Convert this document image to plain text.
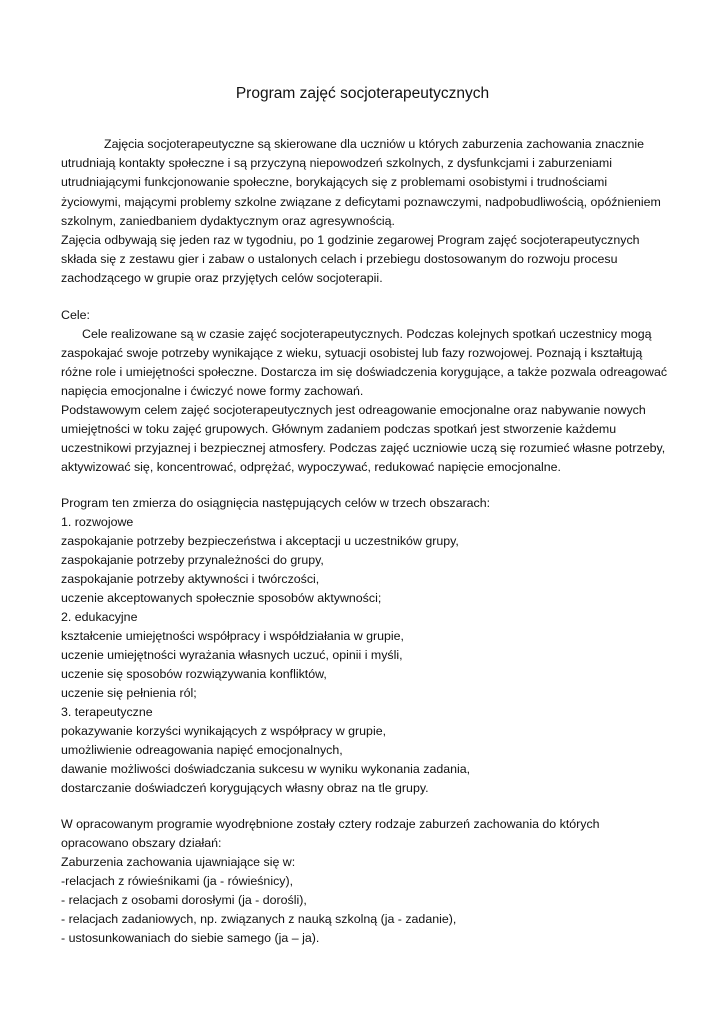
Program zajęć socjoterapeutycznych
Zajęcia socjoterapeutyczne są skierowane dla uczniów u których zaburzenia zachowania znacznie
utrudniają kontakty społeczne i są przyczyną niepowodzeń szkolnych, z dysfunkcjami i zaburzeniami
utrudniającymi funkcjonowanie społeczne, borykających się z problemami osobistymi i trudnościami
życiowymi, mającymi problemy szkolne związane z deficytami poznawczymi, nadpobudliwością, opóźnieniem
szkolnym, zaniedbaniem dydaktycznym oraz agresywnością.
Zajęcia odbywają się jeden raz w tygodniu, po 1 godzinie zegarowej Program zajęć socjoterapeutycznych
składa się z zestawu gier i zabaw o ustalonych celach i przebiegu dostosowanym do rozwoju procesu
zachodzącego w grupie oraz przyjętych celów socjoterapii.
Cele:
Cele realizowane są w czasie zajęć socjoterapeutycznych. Podczas kolejnych spotkań uczestnicy mogą
zaspokajać swoje potrzeby wynikające z wieku, sytuacji osobistej lub fazy rozwojowej. Poznają i kształtują
różne role i umiejętności społeczne. Dostarcza im się doświadczenia korygujące, a także pozwala odreagować
napięcia emocjonalne i ćwiczyć nowe formy zachowań.
Podstawowym celem zajęć socjoterapeutycznych jest odreagowanie emocjonalne oraz nabywanie nowych
umiejętności w toku zajęć grupowych. Głównym zadaniem podczas spotkań jest stworzenie każdemu
uczestnikowi przyjaznej i bezpiecznej atmosfery. Podczas zajęć uczniowie uczą się rozumieć własne potrzeby,
aktywizować się, koncentrować, odprężać, wypoczywać, redukować napięcie emocjonalne.
Program ten zmierza do osiągnięcia następujących celów w trzech obszarach:
1. rozwojowe
zaspokajanie potrzeby bezpieczeństwa i akceptacji u uczestników grupy,
zaspokajanie potrzeby przynależności do grupy,
zaspokajanie potrzeby aktywności i twórczości,
uczenie akceptowanych społecznie sposobów aktywności;
2. edukacyjne
kształcenie umiejętności współpracy i współdziałania w grupie,
uczenie umiejętności wyrażania własnych uczuć, opinii i myśli,
uczenie się sposobów rozwiązywania konfliktów,
uczenie się pełnienia ról;
3. terapeutyczne
pokazywanie korzyści wynikających z współpracy w grupie,
umożliwienie odreagowania napięć emocjonalnych,
dawanie możliwości doświadczania sukcesu w wyniku wykonania zadania,
dostarczanie doświadczeń korygujących własny obraz na tle grupy.
W opracowanym programie wyodrębnione zostały cztery rodzaje zaburzeń zachowania do których
opracowano obszary działań:
Zaburzenia zachowania ujawniające się w:
-relacjach z rówieśnikami (ja - rówieśnicy),
- relacjach z osobami dorosłymi (ja - dorośli),
- relacjach zadaniowych, np. związanych z nauką szkolną (ja - zadanie),
- ustosunkowaniach do siebie samego (ja – ja).
